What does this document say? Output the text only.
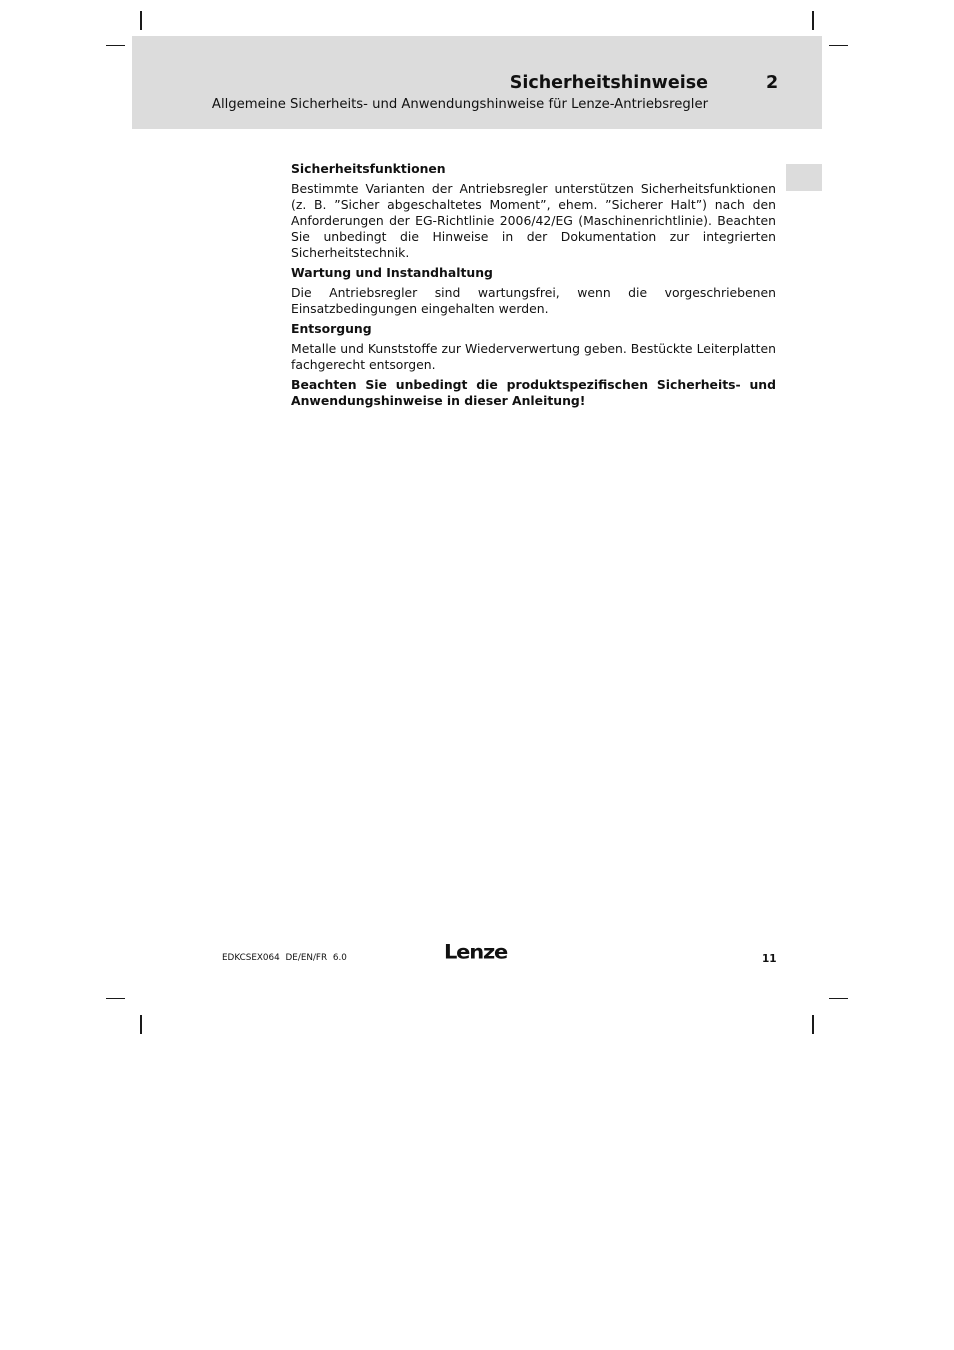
Sicherheitshinweise	2
Allgemeine Sicherheits- und Anwendungshinweise für Lenze-Antriebsregler
Sicherheitsfunktionen

Bestimmte Varianten der Antriebsregler unterstützen Sicherheitsfunktionen (z. B. ”Sicher abgeschaltetes Moment”, ehem. ”Sicherer Halt”) nach den Anforderungen der EG-Richtlinie 2006/42/EG (Maschinenrichtlinie). Beachten Sie unbedingt die Hinweise in der Dokumentation zur integrierten Sicherheitstechnik.

Wartung und Instandhaltung

Die Antriebsregler sind wartungsfrei, wenn die vorgeschriebenen Einsatzbedingungen eingehalten werden.

Entsorgung

Metalle und Kunststoffe zur Wiederverwertung geben. Bestückte Leiterplatten fachgerecht entsorgen.

Beachten Sie unbedingt die produktspezifischen Sicherheits- und Anwendungshinweise in dieser Anleitung!

EDKCSEX064 DE/EN/FR 6.0	Lenze	11
